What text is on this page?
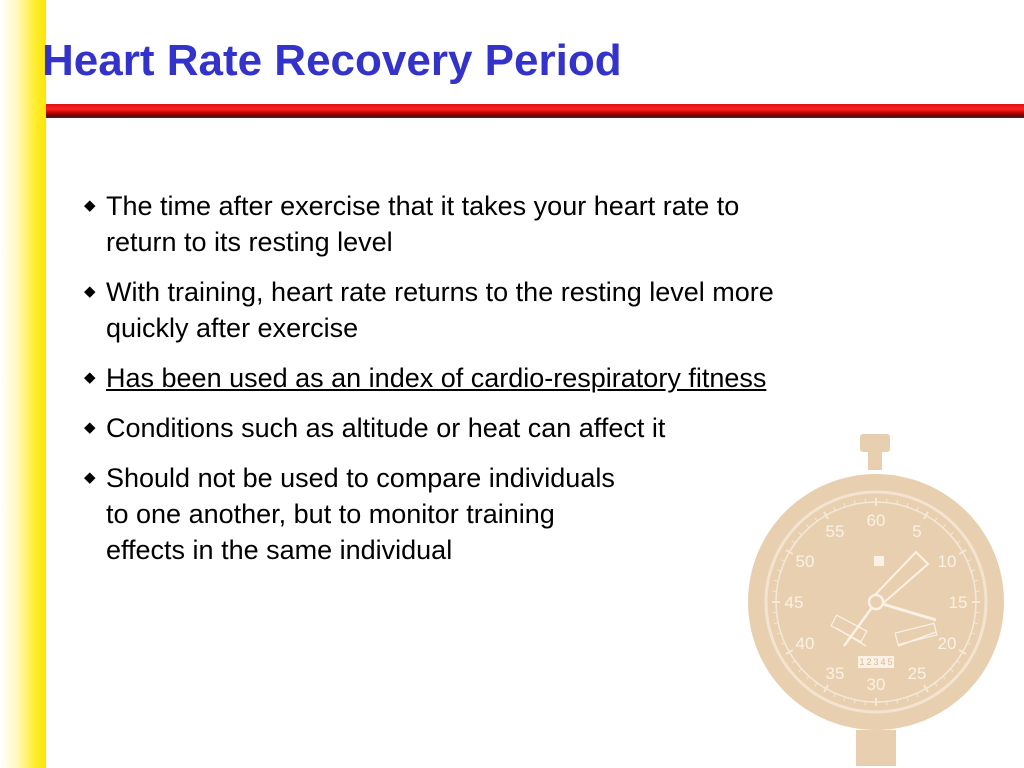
Heart Rate Recovery Period
◆ The time after exercise that it takes your heart rate to
return to its resting level
◆ With training, heart rate returns to the resting level more
quickly after exercise
◆ Has been used as an index of cardio-respiratory fitness
◆ Conditions such as altitude or heat can affect it
◆ Should not be used to compare individuals
to one another, but to monitor training
effects in the same individual
60
5
10
15
20
25
30
35
40
45
50
55
1 2 3 4 5
